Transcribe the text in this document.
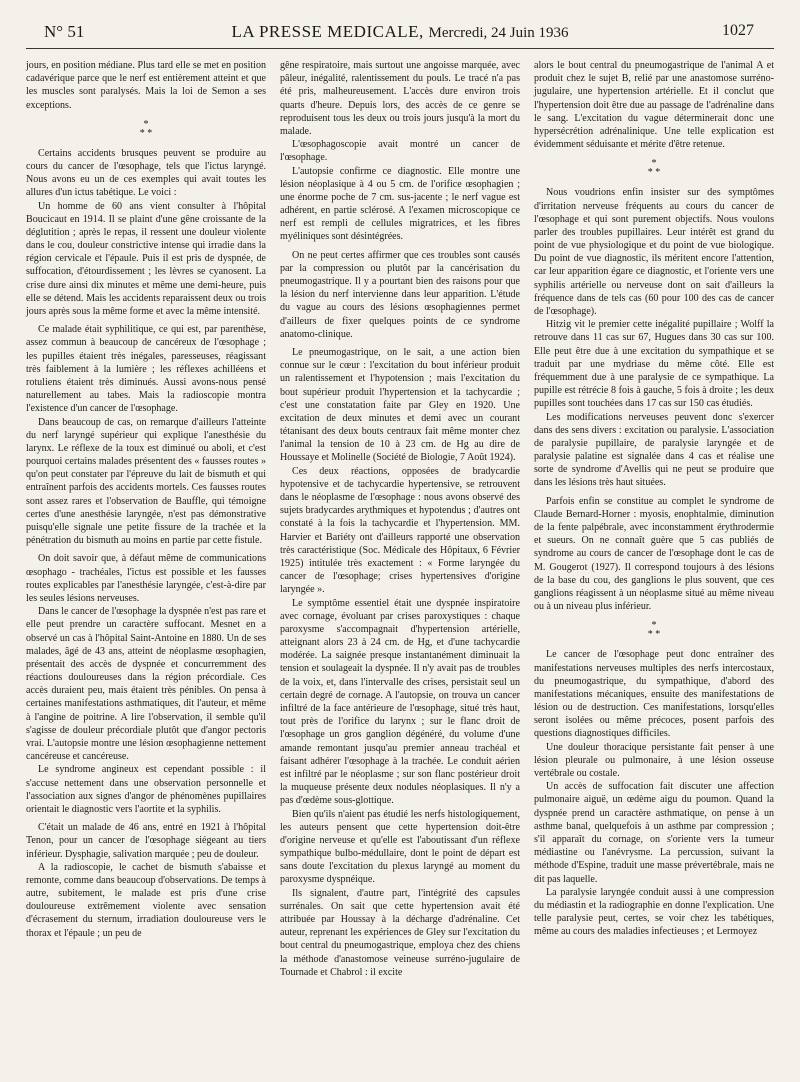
N° 51	LA PRESSE MEDICALE, Mercredi, 24 Juin 1936	1027

jours, en position médiane. Plus tard elle se met en position cadavérique parce que le nerf est entièrement atteint et que les muscles sont paralysés. Mais la loi de Semon a ses exceptions.

*
* *

Certains accidents brusques peuvent se produire au cours du cancer de l'œsophage, tels que l'ictus laryngé. Nous avons eu un de ces exemples qui avait toutes les allures d'un ictus tabétique. Le voici :

Un homme de 60 ans vient consulter à l'hôpital Boucicaut en 1914. Il se plaint d'une gêne croissante de la déglutition ; après le repas, il ressent une douleur violente dans le cou, douleur constrictive intense qui irradie dans la région cervicale et l'épaule. Puis il est pris de dyspnée, de suffocation, d'étourdissement ; les lèvres se cyanosent. La crise dure ainsi dix minutes et même une demi-heure, puis elle se détend. Mais les accidents reparaissent deux ou trois jours après sous la même forme et avec la même intensité.

Ce malade était syphilitique, ce qui est, par parenthèse, assez commun à beaucoup de cancéreux de l'œsophage ; les pupilles étaient très inégales, paresseuses, réagissant très faiblement à la lumière ; les réflexes achilléens et rotuliens étaient très diminués. Aussi avons-nous pensé naturellement au tabes. Mais la radioscopie montra l'existence d'un cancer de l'œsophage.

Dans beaucoup de cas, on remarque d'ailleurs l'atteinte du nerf laryngé supérieur qui explique l'anesthésie du larynx. Le réflexe de la toux est diminué ou aboli, et c'est pourquoi certains malades présentent des « fausses routes » qu'on peut constater par l'épreuve du lait de bismuth et qui entraînent parfois des accidents mortels. Ces fausses routes sont assez rares et l'observation de Bauffle, qui témoigne certes d'une anesthésie laryngée, n'est pas démonstrative puisqu'elle signale une petite fissure de la trachée et la pénétration du bismuth au moins en partie par cette fistule.

On doit savoir que, à défaut même de communications œsophago - trachéales, l'ictus est possible et les fausses routes explicables par l'anesthésie laryngée, c'est-à-dire par les seules lésions nerveuses.

Dans le cancer de l'œsophage la dyspnée n'est pas rare et elle peut prendre un caractère suffocant. Mesnet en a observé un cas à l'hôpital Saint-Antoine en 1880. Un de ses malades, âgé de 43 ans, atteint de néoplasme œsophagien, présentait des accès de dyspnée et concurremment des réactions douloureuses dans la région précordiale. Ces accès duraient peu, mais étaient très pénibles. On pensa à certaines manifestations asthmatiques, dit l'auteur, et même à l'angine de poitrine. A lire l'observation, il semble qu'il s'agisse de douleur précordiale plutôt que d'angor pectoris vrai. L'autopsie montre une lésion œsophagienne nettement cancéreuse et cancéreuse.

Le syndrome angineux est cependant possible : il s'accuse nettement dans une observation personnelle et l'association aux signes d'angor de phénomènes pupillaires orientait le diagnostic vers l'aortite et la syphilis.

C'était un malade de 46 ans, entré en 1921 à l'hôpital Tenon, pour un cancer de l'œsophage siégeant au tiers inférieur. Dysphagie, salivation marquée ; peu de douleur.

A la radioscopie, le cachet de bismuth s'abaisse et remonte, comme dans beaucoup d'observations. De temps à autre, subitement, le malade est pris d'une crise douloureuse extrêmement violente avec sensation d'écrasement du sternum, irradiation douloureuse vers le thorax et l'épaule ; un peu de

gêne respiratoire, mais surtout une angoisse marquée, avec pâleur, inégalité, ralentissement du pouls. Le tracé n'a pas été pris, malheureusement. L'accès dure environ trois quarts d'heure. Depuis lors, des accès de ce genre se reproduisent tous les deux ou trois jours jusqu'à la mort du malade.

L'œsophagoscopie avait montré un cancer de l'œsophage.

L'autopsie confirme ce diagnostic. Elle montre une lésion néoplasique à 4 ou 5 cm. de l'orifice œsophagien ; une énorme poche de 7 cm. sus-jacente ; le nerf vague est adhérent, en partie sclérosé. A l'examen microscopique ce nerf est rempli de cellules migratrices, et les fibres myéliniques sont désintégrées.

On ne peut certes affirmer que ces troubles sont causés par la compression ou plutôt par la cancérisation du pneumogastrique. Il y a pourtant bien des raisons pour que la lésion du nerf intervienne dans leur apparition. L'étude du vague au cours des lésions œsophagiennes permet d'ailleurs de fixer quelques points de ce syndrome anatomo-clinique.

Le pneumogastrique, on le sait, a une action bien connue sur le cœur : l'excitation du bout inférieur produit un ralentissement et l'hypotension ; mais l'excitation du bout supérieur produit l'hypertension et la tachycardie ; c'est une constatation faite par Gley en 1920. Une excitation de deux minutes et demi avec un courant tétanisant des deux bouts centraux fait même monter chez l'animal la tension de 10 à 23 cm. de Hg au dire de Houssaye et Molinelle (Société de Biologie, 7 Août 1924).

Ces deux réactions, opposées de bradycardie hypotensive et de tachycardie hypertensive, se retrouvent dans le néoplasme de l'œsophage : nous avons observé des sujets bradycardes arythmiques et hypotendus ; d'autres ont constaté à la fois la tachycardie et l'hypertension. MM. Harvier et Bariéty ont d'ailleurs rapporté une observation très caractéristique (Soc. Médicale des Hôpitaux, 6 Février 1925) intitulée très exactement : « Forme laryngée du cancer de l'œsophage; crises hypertensives d'origine laryngée ».

Le symptôme essentiel était une dyspnée inspiratoire avec cornage, évoluant par crises paroxystiques : chaque paroxysme s'accompagnait d'hypertension artérielle, atteignant alors 23 à 24 cm. de Hg, et d'une tachycardie modérée. La saignée presque instantanément diminuait la tension et soulageait la dyspnée. Il n'y avait pas de troubles de la voix, et, dans l'intervalle des crises, persistait seul un certain degré de cornage. A l'autopsie, on trouva un cancer infiltré de la face antérieure de l'œsophage, situé très haut, tout près de l'orifice du larynx ; sur le flanc droit de l'œsophage un gros ganglion dégénéré, du volume d'une amande remontant jusqu'au premier anneau trachéal et faisant adhérer l'œsophage à la trachée. Le conduit aérien est infiltré par le néoplasme ; sur son flanc postérieur droit la muqueuse présente deux nodules néoplasiques. Il n'y a pas d'œdème sous-glottique.

Bien qu'ils n'aient pas étudié les nerfs histologiquement, les auteurs pensent que cette hypertension doit-être d'origine nerveuse et qu'elle est l'aboutissant d'un réflexe sympathique bulbo-médullaire, dont le point de départ est sans doute l'excitation du plexus laryngé au moment du paroxysme dyspnéique.

Ils signalent, d'autre part, l'intégrité des capsules surrénales. On sait que cette hypertension avait été attribuée par Houssay à la décharge d'adrénaline. Cet auteur, reprenant les expériences de Gley sur l'excitation du bout central du pneumogastrique, employa chez des chiens la méthode d'anastomose veineuse surréno-jugulaire de Tournade et Chabrol : il excite

alors le bout central du pneumogastrique de l'animal A et produit chez le sujet B, relié par une anastomose surréno-jugulaire, une hypertension artérielle. Et il conclut que l'hypertension doit être due au passage de l'adrénaline dans le sang. L'excitation du vague déterminerait donc une hypersécrétion adrénalinique. Une telle explication est évidemment séduisante et mérite d'être retenue.

*
* *

Nous voudrions enfin insister sur des symptômes d'irritation nerveuse fréquents au cours du cancer de l'œsophage et qui sont purement objectifs. Nous voulons parler des troubles pupillaires. Leur intérêt est grand du point de vue physiologique et du point de vue biologique. Du point de vue diagnostic, ils méritent encore l'attention, car leur apparition égare ce diagnostic, et l'oriente vers une syphilis artérielle ou nerveuse dont on sait d'ailleurs la fréquence dans de tels cas (60 pour 100 des cas de cancer de l'œsophage).

Hitzig vit le premier cette inégalité pupillaire ; Wolff la retrouve dans 11 cas sur 67, Hugues dans 30 cas sur 100. Elle peut être due à une excitation du sympathique et se traduit par une mydriase du même côté. Elle est fréquemment due à une paralysie de ce sympathique. La pupille est rétrécie 8 fois à gauche, 5 fois à droite ; les deux pupilles sont touchées dans 17 cas sur 150 cas étudiés.

Les modifications nerveuses peuvent donc s'exercer dans des sens divers : excitation ou paralysie. L'association de paralysie pupillaire, de paralysie laryngée et de paralysie palatine est signalée dans 4 cas et réalise une sorte de syndrome d'Avellis qui ne peut se produire que dans les lésions très haut situées.

Parfois enfin se constitue au complet le syndrome de Claude Bernard-Horner : myosis, enophtalmie, diminution de la fente palpébrale, avec inconstamment érythrodermie et sueurs. On ne connaît guère que 5 cas publiés de syndrome au cours de cancer de l'œsophage dont le cas de M. Gougerot (1927). Il correspond toujours à des lésions de la base du cou, des ganglions le plus souvent, que ces ganglions réagissent à un néoplasme situé au même niveau ou à un niveau plus inférieur.

*
* *

Le cancer de l'œsophage peut donc entraîner des manifestations nerveuses multiples des nerfs intercostaux, du pneumogastrique, du sympathique, d'abord des manifestations mécaniques, ensuite des manifestations de lésion ou de destruction. Ces manifestations, lorsqu'elles seront isolées ou même précoces, posent parfois des questions diagnostiques difficiles.

Une douleur thoracique persistante fait penser à une lésion pleurale ou pulmonaire, à une lésion osseuse vertébrale ou costale.

Un accès de suffocation fait discuter une affection pulmonaire aiguë, un œdème aigu du poumon. Quand la dyspnée prend un caractère asthmatique, on pense à un asthme banal, quelquefois à un asthme par compression ; s'il apparaît du cornage, on s'oriente vers la tumeur médiastine ou l'anévrysme. La percussion, suivant la méthode d'Espine, traduit une masse prévertébrale, mais ne dit pas laquelle.

La paralysie laryngée conduit aussi à une compression du médiastin et la radiographie en donne l'explication. Une telle paralysie peut, certes, se voir chez les tabétiques, même au cours des maladies infectieuses ; et Lermoyez
